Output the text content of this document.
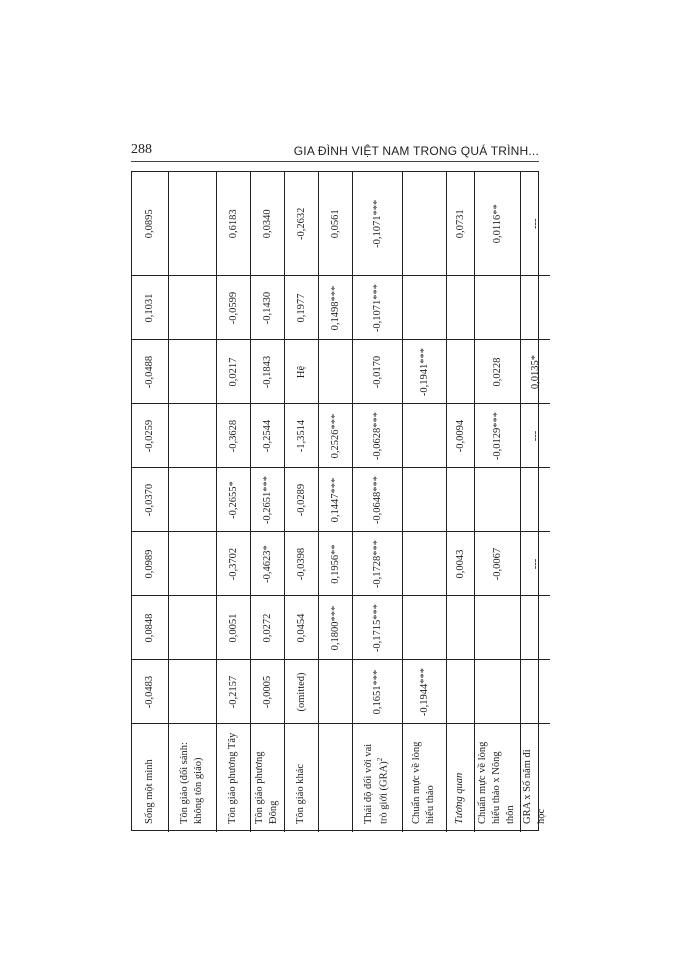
288	GIA ĐÌNH VIỆT NAM TRONG QUÁ TRÌNH...
Sống một mình	-0,0483	0,0848	0,0989	-0,0370	-0,0259	-0,0488	0,1031	0,0895
Tôn giáo (đối sánh: không tôn giáo)								
Tôn giáo phương Tây	-0,2157	0,0051	-0,3702	-0,2655*	-0,3628	0,0217	-0,0599	0,6183
Tôn giáo phương Đông	-0,0005	0,0272	-0,4623*	-0,2651***	-0,2544	-0,1843	-0,1430	0,0340
Tôn giáo khác	(omitted)	0,0454	-0,0398	-0,0289	-1,3514	Hệ	0,1977	-0,2632
		0,1800***	0,1956**	0,1447***	0,2526***		0,1498***	0,0561
Thái độ đối với vai trò giới (GRA)$^2$	0,1651***	-0,1715***	-0,1728***	-0,0648***	-0,0628***	-0,0170	-0,1071***	-0,1071***
Chuẩn mực về lòng hiếu thảo	-0,1944***					-0,1941***		
Tương quan			0,0043		-0,0094			0,0731
Chuẩn mực về lòng hiếu thảo x Nông thôn			-0,0067		-0,0129***	0,0228		0,0116**
GRA x Số năm đi học			---		---	0,0135*		---
